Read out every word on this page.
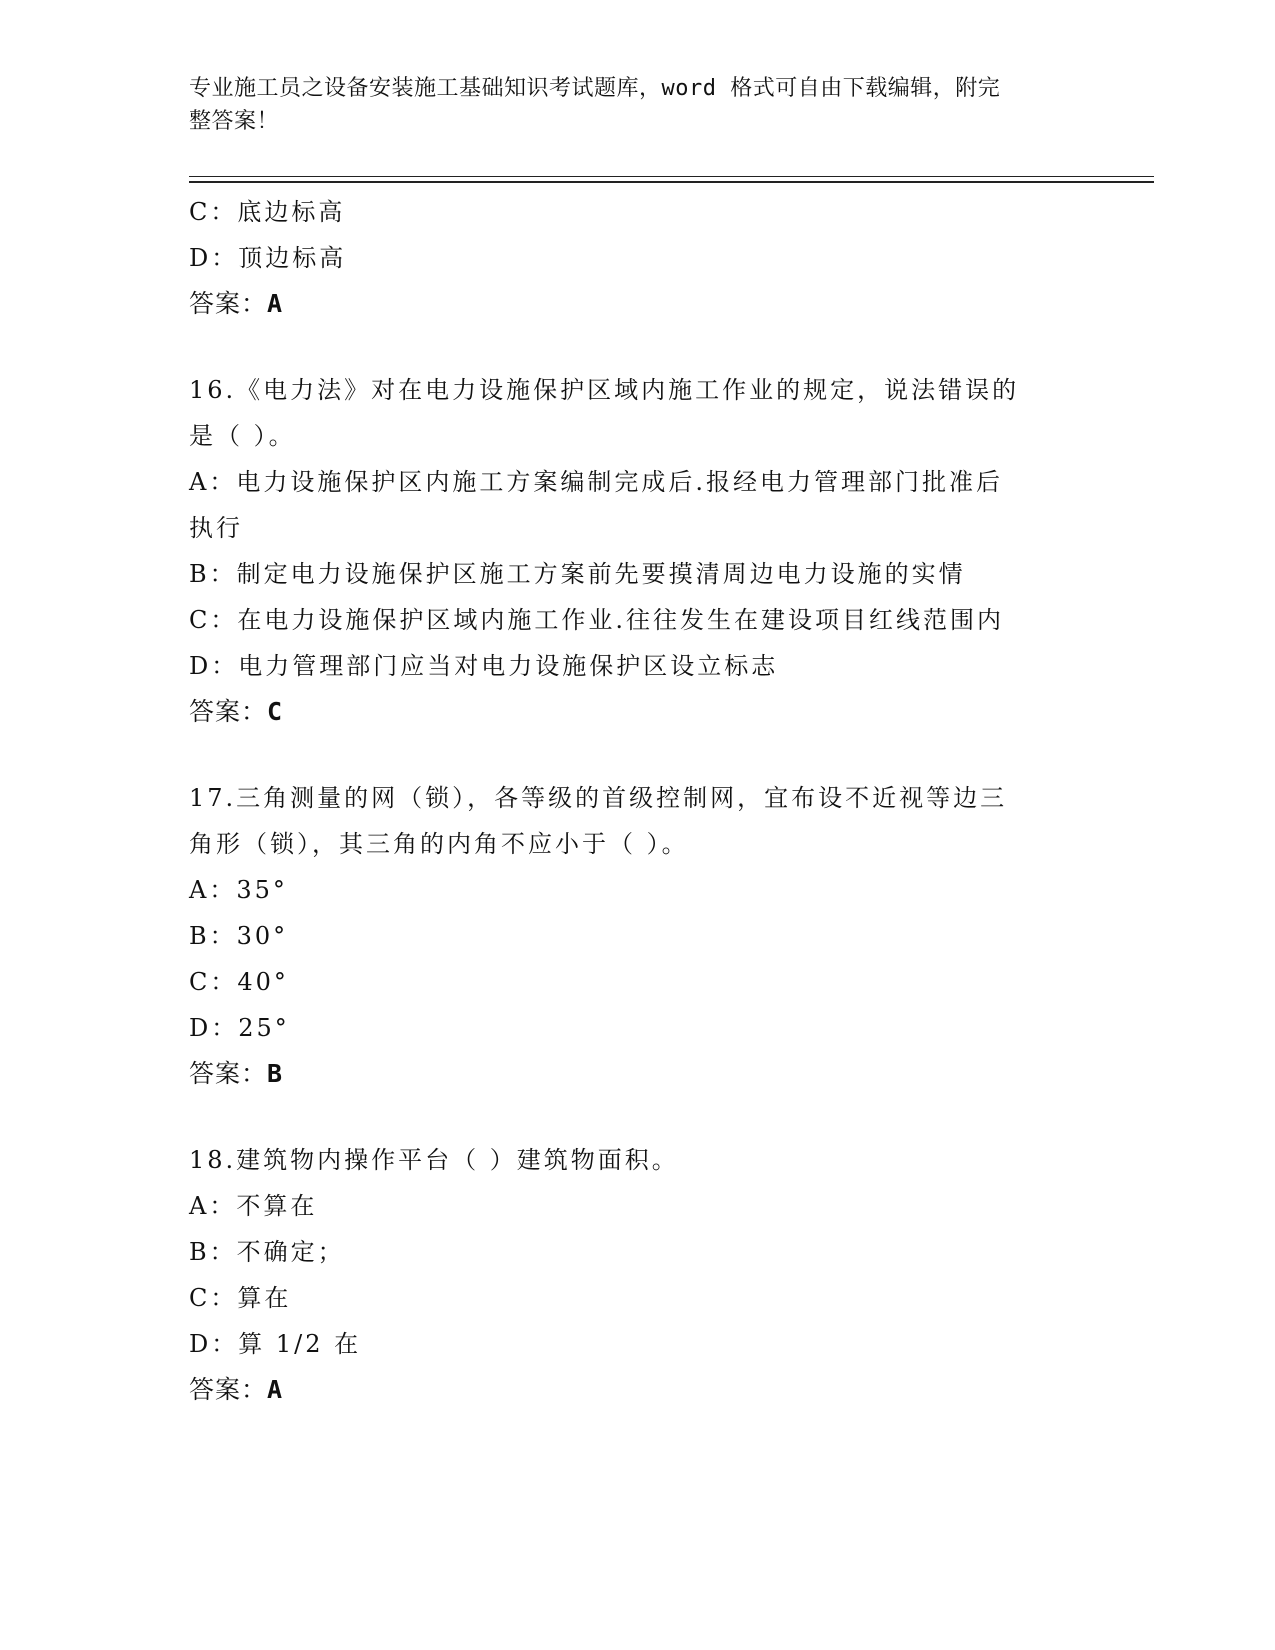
专业施工员之设备安装施工基础知识考试题库，word 格式可自由下载编辑，附完
整答案！

C：底边标高

D：顶边标高

答案：A

16.《电力法》对在电力设施保护区域内施工作业的规定，说法错误的

是（ ）。

A：电力设施保护区内施工方案编制完成后.报经电力管理部门批准后

执行

B：制定电力设施保护区施工方案前先要摸清周边电力设施的实情

C：在电力设施保护区域内施工作业.往往发生在建设项目红线范围内

D：电力管理部门应当对电力设施保护区设立标志

答案：C

17.三角测量的网（锁），各等级的首级控制网，宜布设不近视等边三

角形（锁），其三角的内角不应小于（ ）。

A：35°

B：30°

C：40°

D：25°

答案：B

18.建筑物内操作平台（ ）建筑物面积。

A：不算在

B：不确定；

C：算在

D：算 1/2 在

答案：A
